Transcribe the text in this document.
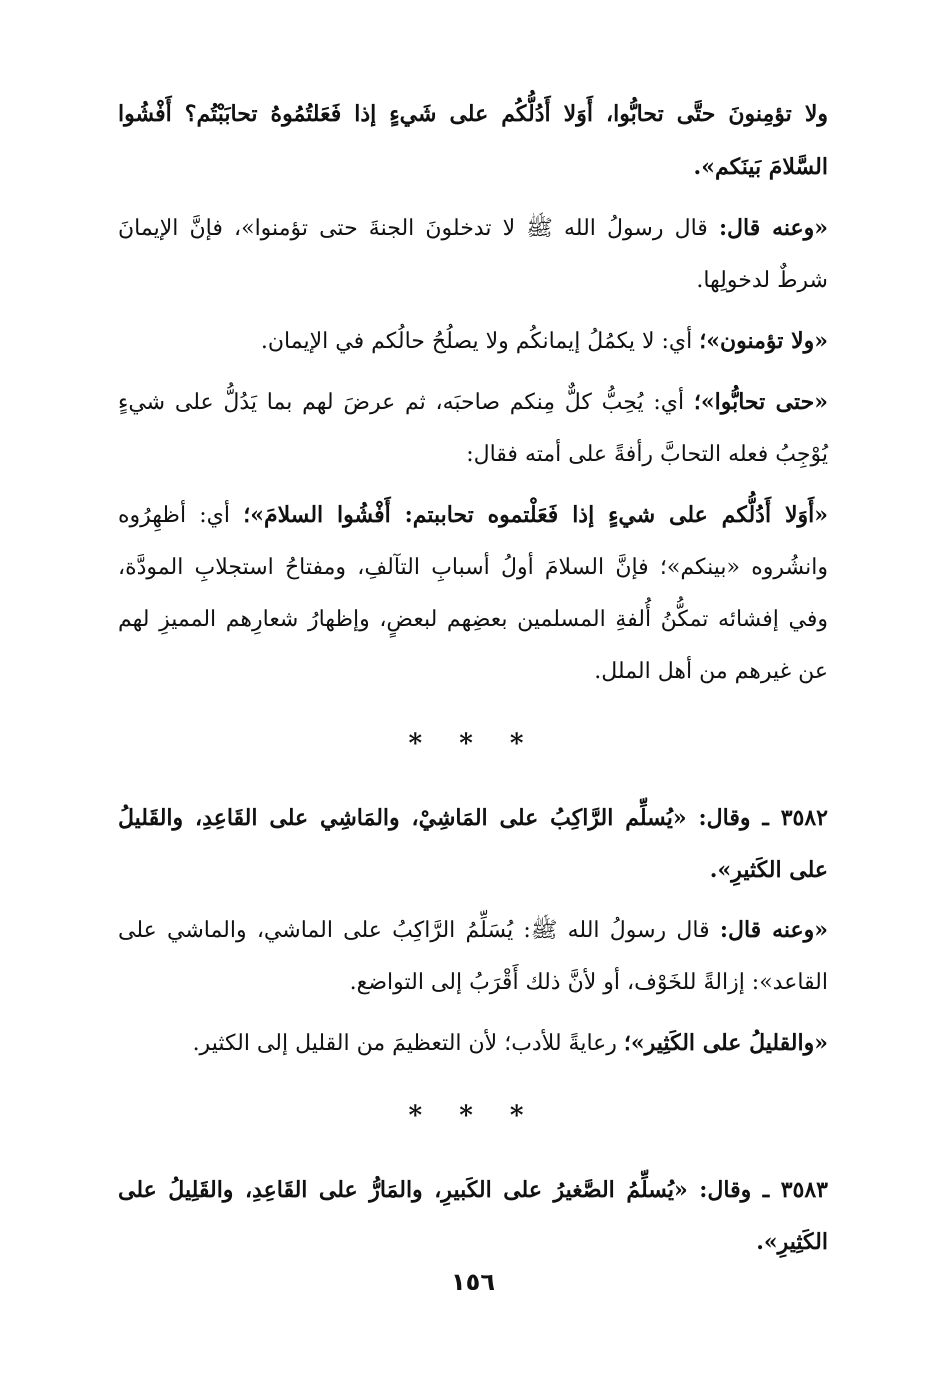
ولا تؤمِنونَ حتَّى تحابُّوا، أَوَلا أَدُلُّكُم على شَيءٍ إذا فَعَلتُمُوهُ تحابَبْتُم؟ أَفْشُوا السَّلامَ بَينَكم».

«وعنه قال: قال رسولُ الله ﷺ لا تدخلونَ الجنةَ حتى تؤمنوا»، فإنَّ الإيمانَ شرطٌ لدخولِها.

«ولا تؤمنون»؛ أي: لا يكمُلُ إيمانكُم ولا يصلُحُ حالُكم في الإيمان.

«حتى تحابُّوا»؛ أي: يُحِبُّ كلٌّ مِنكم صاحبَه، ثم عرضَ لهم بما يَدُلُّ على شيءٍ يُوْجِبُ فعله التحابَّ رأفةً على أمته فقال:

«أَوَلا أَدُلُّكم على شيءٍ إذا فَعَلْتموه تحاببتم: أَفْشُوا السلامَ»؛ أي: أظهِرُوه وانشُروه «بينكم»؛ فإنَّ السلامَ أولُ أسبابِ التآلفِ، ومفتاحُ استجلابِ المودَّة، وفي إفشائه تمكُّنُ أُلفةِ المسلمين بعضِهم لبعضٍ، وإظهارُ شعارِهم المميزِ لهم عن غيرهم من أهل الملل.

* * *

٣٥٨٢ ـ وقال: «يُسلِّم الرَّاكِبُ على المَاشِيْ، والمَاشِي على القَاعِدِ، والقَليلُ على الكَثيرِ».

«وعنه قال: قال رسولُ الله ﷺ: يُسَلِّمُ الرَّاكِبُ على الماشي، والماشي على القاعد»: إزالةً للخَوْف، أو لأنَّ ذلك أَقْرَبُ إلى التواضع.

«والقليلُ على الكَثِير»؛ رعايةً للأدب؛ لأن التعظيمَ من القليل إلى الكثير.

* * *

٣٥٨٣ ـ وقال: «يُسلِّمُ الصَّغيرُ على الكَبيرِ، والمَارُّ على القَاعِدِ، والقَلِيلُ على الكَثِيرِ».

١٥٦
